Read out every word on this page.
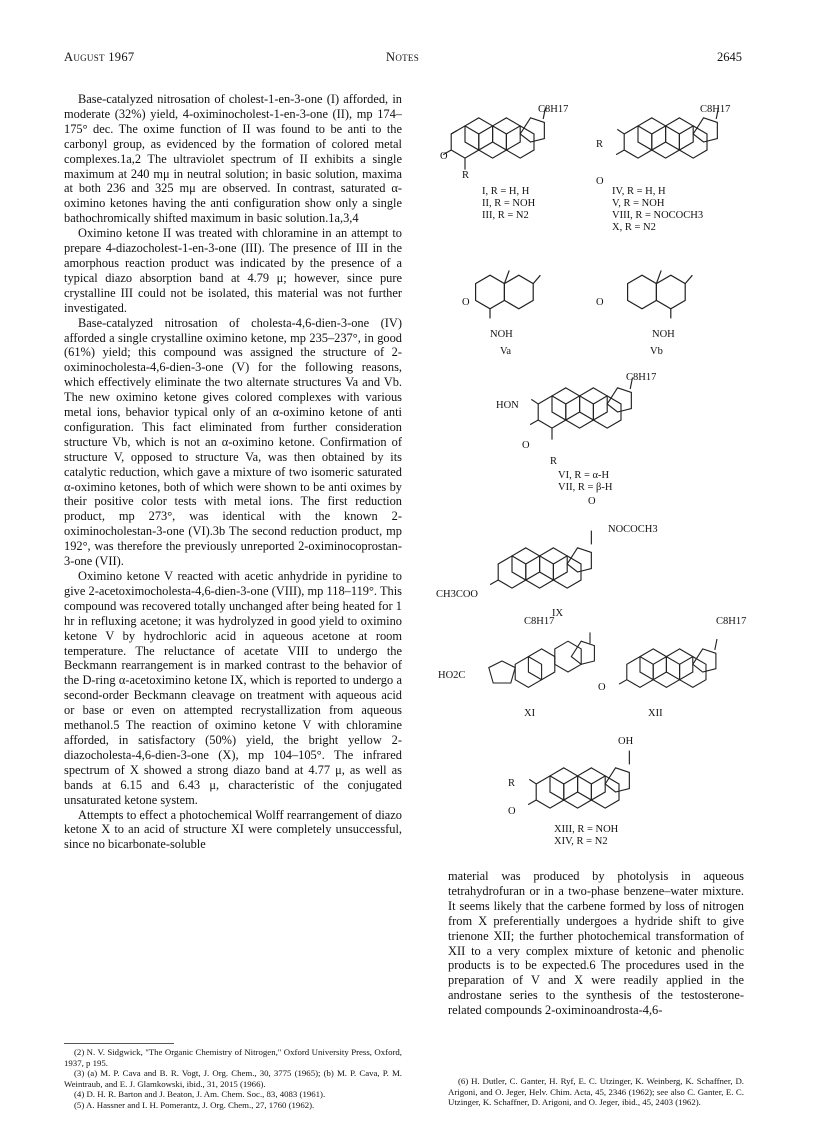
August 1967	Notes	2645

Base-catalyzed nitrosation of cholest-1-en-3-one (I) afforded, in moderate (32%) yield, 4-oximinocholest-1-en-3-one (II), mp 174–175° dec. The oxime function of II was found to be anti to the carbonyl group, as evidenced by the formation of colored metal complexes.1a,2 The ultraviolet spectrum of II exhibits a single maximum at 240 mμ in neutral solution; in basic solution, maxima at both 236 and 325 mμ are observed. In contrast, saturated α-oximino ketones having the anti configuration show only a single bathochromically shifted maximum in basic solution.1a,3,4

Oximino ketone II was treated with chloramine in an attempt to prepare 4-diazocholest-1-en-3-one (III). The presence of III in the amorphous reaction product was indicated by the presence of a typical diazo absorption band at 4.79 μ; however, since pure crystalline III could not be isolated, this material was not further investigated.

Base-catalyzed nitrosation of cholesta-4,6-dien-3-one (IV) afforded a single crystalline oximino ketone, mp 235–237°, in good (61%) yield; this compound was assigned the structure of 2-oximinocholesta-4,6-dien-3-one (V) for the following reasons, which effectively eliminate the two alternate structures Va and Vb. The new oximino ketone gives colored complexes with various metal ions, behavior typical only of an α-oximino ketone of anti configuration. This fact eliminated from further consideration structure Vb, which is not an α-oximino ketone. Confirmation of structure V, opposed to structure Va, was then obtained by its catalytic reduction, which gave a mixture of two isomeric saturated α-oximino ketones, both of which were shown to be anti oximes by their positive color tests with metal ions. The first reduction product, mp 273°, was identical with the known 2-oximinocholestan-3-one (VI).3b The second reduction product, mp 192°, was therefore the previously unreported 2-oximinocoprostan-3-one (VII).

Oximino ketone V reacted with acetic anhydride in pyridine to give 2-acetoximocholesta-4,6-dien-3-one (VIII), mp 118–119°. This compound was recovered totally unchanged after being heated for 1 hr in refluxing acetone; it was hydrolyzed in good yield to oximino ketone V by hydrochloric acid in aqueous acetone at room temperature. The reluctance of acetate VIII to undergo the Beckmann rearrangement is in marked contrast to the behavior of the D-ring α-acetoximino ketone IX, which is reported to undergo a second-order Beckmann cleavage on treatment with aqueous acid or base or even on attempted recrystallization from aqueous methanol.5 The reaction of oximino ketone V with chloramine afforded, in satisfactory (50%) yield, the bright yellow 2-diazocholesta-4,6-dien-3-one (X), mp 104–105°. The infrared spectrum of X showed a strong diazo band at 4.77 μ, as well as bands at 6.15 and 6.43 μ, characteristic of the conjugated unsaturated ketone system.

Attempts to effect a photochemical Wolff rearrangement of diazo ketone X to an acid of structure XI were completely unsuccessful, since no bicarbonate-soluble

material was produced by photolysis in aqueous tetrahydrofuran or in a two-phase benzene–water mixture. It seems likely that the carbene formed by loss of nitrogen from X preferentially undergoes a hydride shift to give trienone XII; the further photochemical transformation of XII to a very complex mixture of ketonic and phenolic products is to be expected.6 The procedures used in the preparation of V and X were readily applied in the androstane series to the synthesis of the testosterone-related compounds 2-oximinoandrosta-4,6-

(2) N. V. Sidgwick, "The Organic Chemistry of Nitrogen," Oxford University Press, Oxford, 1937, p 195.

(3) (a) M. P. Cava and B. R. Vogt, J. Org. Chem., 30, 3775 (1965); (b) M. P. Cava, P. M. Weintraub, and E. J. Glamkowski, ibid., 31, 2015 (1966).

(4) D. H. R. Barton and J. Beaton, J. Am. Chem. Soc., 83, 4083 (1961).

(5) A. Hassner and I. H. Pomerantz, J. Org. Chem., 27, 1760 (1962).

(6) H. Dutler, C. Ganter, H. Ryf, E. C. Utzinger, K. Weinberg, K. Schaffner, D. Arigoni, and O. Jeger, Helv. Chim. Acta, 45, 2346 (1962); see also C. Ganter, E. C. Utzinger, K. Schaffner, D. Arigoni, and O. Jeger, ibid., 45, 2403 (1962).

C8H17
O
R
I, R = H, H
II, R = NOH
III, R = N2
C8H17
R
O
IV, R = H, H
V, R = NOH
VIII, R = NOCOCH3
X, R = N2
O
NOH
Va
O
NOH
Vb
C8H17
HON
O
R
VI, R = α-H
VII, R = β-H
O
NOCOCH3
CH3COO
IX
C8H17
HO2C
XI
C8H17
O
XII
OH
R
O
XIII, R = NOH
XIV, R = N2
